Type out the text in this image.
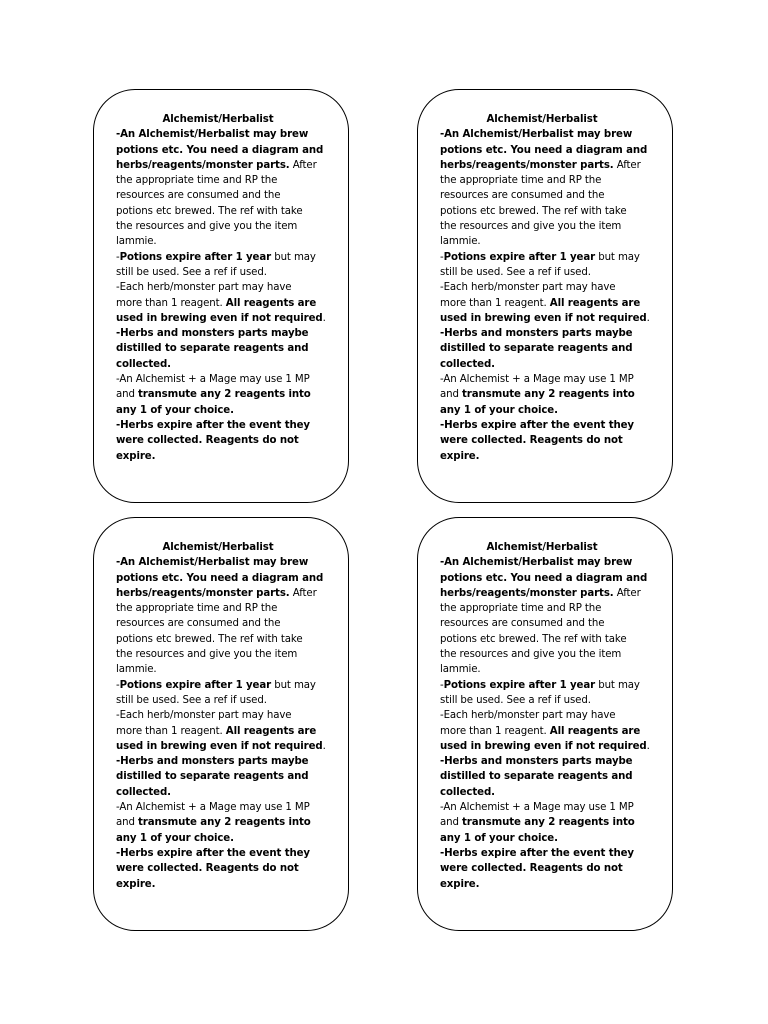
Alchemist/Herbalist
-An Alchemist/Herbalist may brew
potions etc. You need a diagram and
herbs/reagents/monster parts. After
the appropriate time and RP the
resources are consumed and the
potions etc brewed. The ref with take
the resources and give you the item
lammie.
-Potions expire after 1 year but may
still be used. See a ref if used.
-Each herb/monster part may have
more than 1 reagent. All reagents are
used in brewing even if not required.
-Herbs and monsters parts maybe
distilled to separate reagents and
collected.
-An Alchemist + a Mage may use 1 MP
and transmute any 2 reagents into
any 1 of your choice.
-Herbs expire after the event they
were collected. Reagents do not
expire.
Alchemist/Herbalist
-An Alchemist/Herbalist may brew
potions etc. You need a diagram and
herbs/reagents/monster parts. After
the appropriate time and RP the
resources are consumed and the
potions etc brewed. The ref with take
the resources and give you the item
lammie.
-Potions expire after 1 year but may
still be used. See a ref if used.
-Each herb/monster part may have
more than 1 reagent. All reagents are
used in brewing even if not required.
-Herbs and monsters parts maybe
distilled to separate reagents and
collected.
-An Alchemist + a Mage may use 1 MP
and transmute any 2 reagents into
any 1 of your choice.
-Herbs expire after the event they
were collected. Reagents do not
expire.
Alchemist/Herbalist
-An Alchemist/Herbalist may brew
potions etc. You need a diagram and
herbs/reagents/monster parts. After
the appropriate time and RP the
resources are consumed and the
potions etc brewed. The ref with take
the resources and give you the item
lammie.
-Potions expire after 1 year but may
still be used. See a ref if used.
-Each herb/monster part may have
more than 1 reagent. All reagents are
used in brewing even if not required.
-Herbs and monsters parts maybe
distilled to separate reagents and
collected.
-An Alchemist + a Mage may use 1 MP
and transmute any 2 reagents into
any 1 of your choice.
-Herbs expire after the event they
were collected. Reagents do not
expire.
Alchemist/Herbalist
-An Alchemist/Herbalist may brew
potions etc. You need a diagram and
herbs/reagents/monster parts. After
the appropriate time and RP the
resources are consumed and the
potions etc brewed. The ref with take
the resources and give you the item
lammie.
-Potions expire after 1 year but may
still be used. See a ref if used.
-Each herb/monster part may have
more than 1 reagent. All reagents are
used in brewing even if not required.
-Herbs and monsters parts maybe
distilled to separate reagents and
collected.
-An Alchemist + a Mage may use 1 MP
and transmute any 2 reagents into
any 1 of your choice.
-Herbs expire after the event they
were collected. Reagents do not
expire.
